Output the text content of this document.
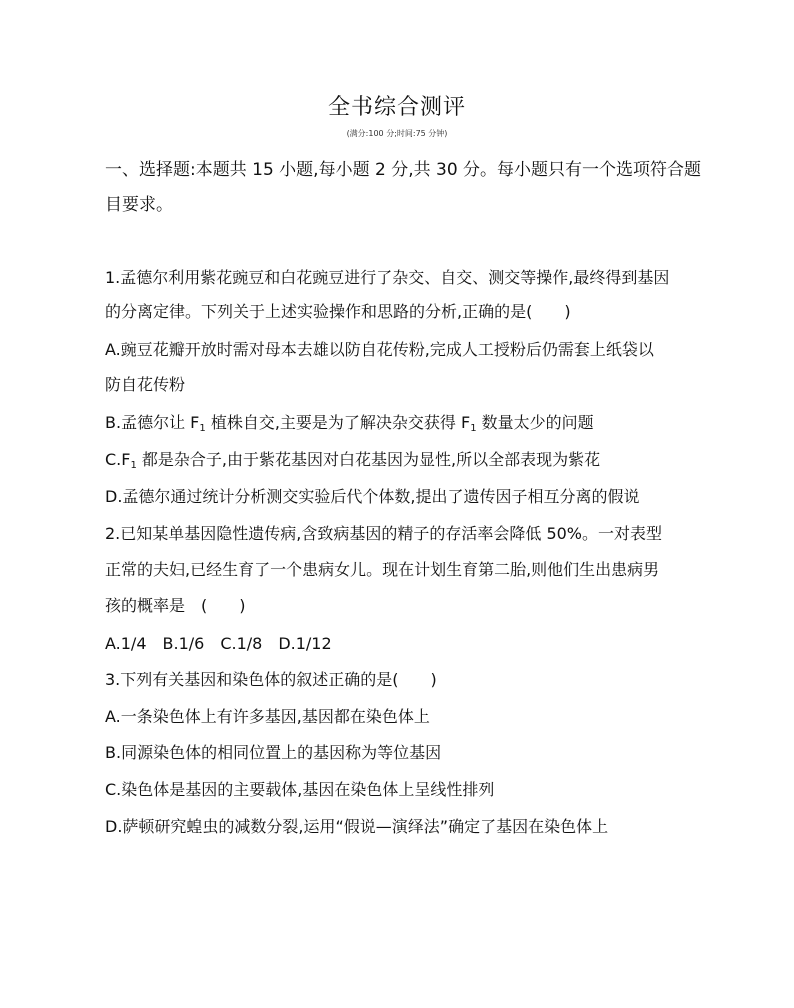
全书综合测评
(满分:100 分;时间:75 分钟)
一、选择题:本题共 15 小题,每小题 2 分,共 30 分。每小题只有一个选项符合题
目要求。
1.孟德尔利用紫花豌豆和白花豌豆进行了杂交、自交、测交等操作,最终得到基因
的分离定律。下列关于上述实验操作和思路的分析,正确的是(　　)
A.豌豆花瓣开放时需对母本去雄以防自花传粉,完成人工授粉后仍需套上纸袋以
防自花传粉
B.孟德尔让 $F_1$ 植株自交,主要是为了解决杂交获得 $F_1$ 数量太少的问题
$C.F_1$ 都是杂合子,由于紫花基因对白花基因为显性,所以全部表现为紫花
D.孟德尔通过统计分析测交实验后代个体数,提出了遗传因子相互分离的假说
2.已知某单基因隐性遗传病,含致病基因的精子的存活率会降低 50%。一对表型
正常的夫妇,已经生育了一个患病女儿。现在计划生育第二胎,则他们生出患病男
孩的概率是　(　　)
A.1/4　B.1/6　C.1/8　D.1/12
3.下列有关基因和染色体的叙述正确的是(　　)
A.一条染色体上有许多基因,基因都在染色体上
B.同源染色体的相同位置上的基因称为等位基因
C.染色体是基因的主要载体,基因在染色体上呈线性排列
D.萨顿研究蝗虫的减数分裂,运用“假说—演绎法”确定了基因在染色体上
